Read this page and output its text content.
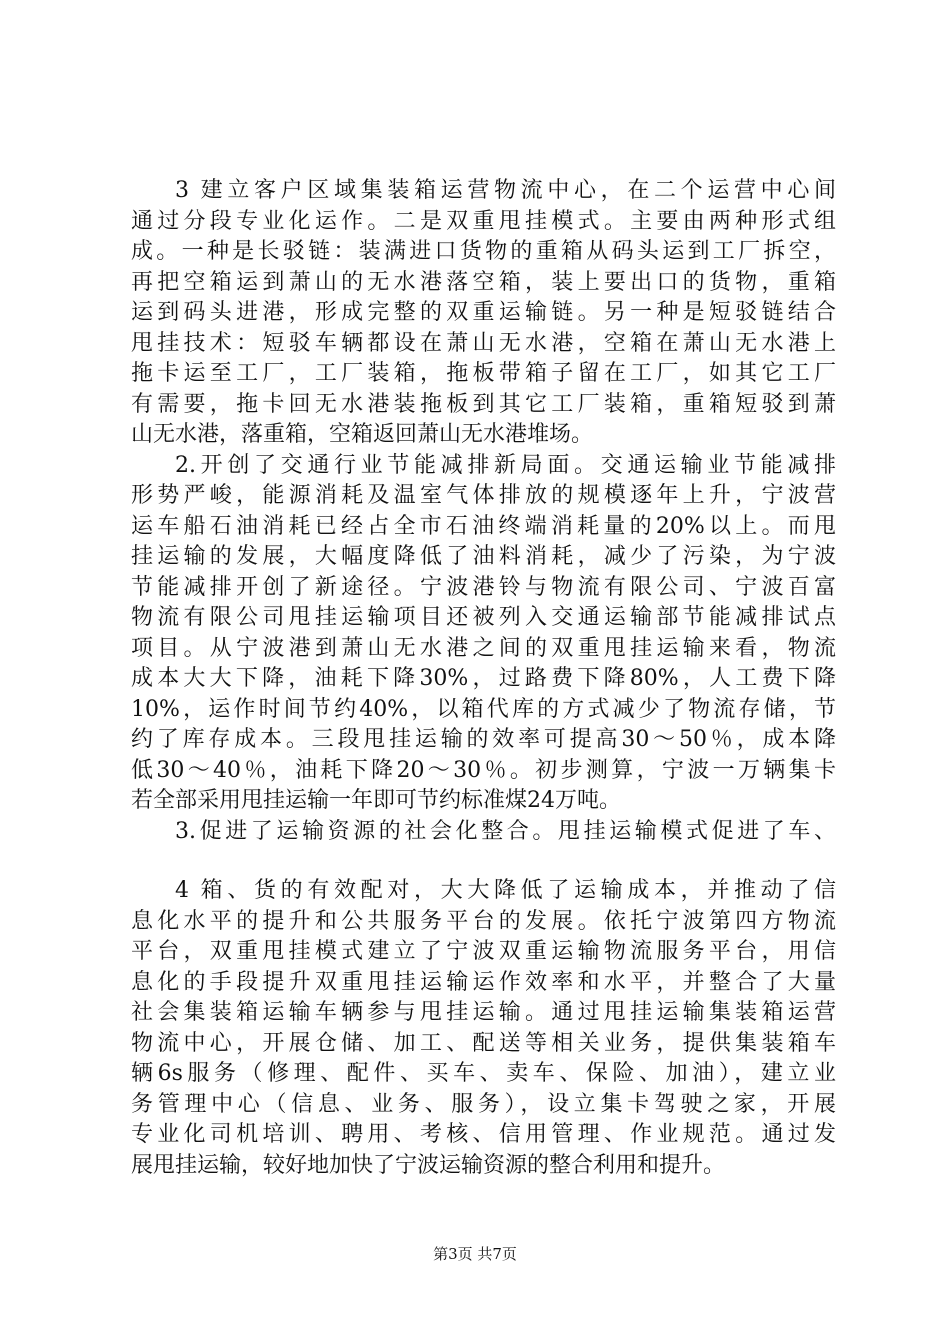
3 建立客户区域集装箱运营物流中心，在二个运营中心间
通过分段专业化运作。二是双重甩挂模式。主要由两种形式组
成。一种是长驳链：装满进口货物的重箱从码头运到工厂拆空，
再把空箱运到萧山的无水港落空箱，装上要出口的货物，重箱
运到码头进港，形成完整的双重运输链。另一种是短驳链结合
甩挂技术：短驳车辆都设在萧山无水港，空箱在萧山无水港上
拖卡运至工厂，工厂装箱，拖板带箱子留在工厂，如其它工厂
有需要，拖卡回无水港装拖板到其它工厂装箱，重箱短驳到萧
山无水港，落重箱，空箱返回萧山无水港堆场。
2.开创了交通行业节能减排新局面。交通运输业节能减排
形势严峻，能源消耗及温室气体排放的规模逐年上升，宁波营
运车船石油消耗已经占全市石油终端消耗量的20%以上。而甩
挂运输的发展，大幅度降低了油料消耗，减少了污染，为宁波
节能减排开创了新途径。宁波港铃与物流有限公司、宁波百富
物流有限公司甩挂运输项目还被列入交通运输部节能减排试点
项目。从宁波港到萧山无水港之间的双重甩挂运输来看，物流
成本大大下降，油耗下降30%，过路费下降80%，人工费下降
10%，运作时间节约40%，以箱代库的方式减少了物流存储，节
约了库存成本。三段甩挂运输的效率可提高30～50％，成本降
低30～40％，油耗下降20～30％。初步测算，宁波一万辆集卡
若全部采用甩挂运输一年即可节约标准煤24万吨。
3.促进了运输资源的社会化整合。甩挂运输模式促进了车、
4 箱、货的有效配对，大大降低了运输成本，并推动了信
息化水平的提升和公共服务平台的发展。依托宁波第四方物流
平台，双重甩挂模式建立了宁波双重运输物流服务平台，用信
息化的手段提升双重甩挂运输运作效率和水平，并整合了大量
社会集装箱运输车辆参与甩挂运输。通过甩挂运输集装箱运营
物流中心，开展仓储、加工、配送等相关业务，提供集装箱车
辆6s服务（修理、配件、买车、卖车、保险、加油），建立业
务管理中心（信息、业务、服务），设立集卡驾驶之家，开展
专业化司机培训、聘用、考核、信用管理、作业规范。通过发
展甩挂运输，较好地加快了宁波运输资源的整合利用和提升。
第3页 共7页
